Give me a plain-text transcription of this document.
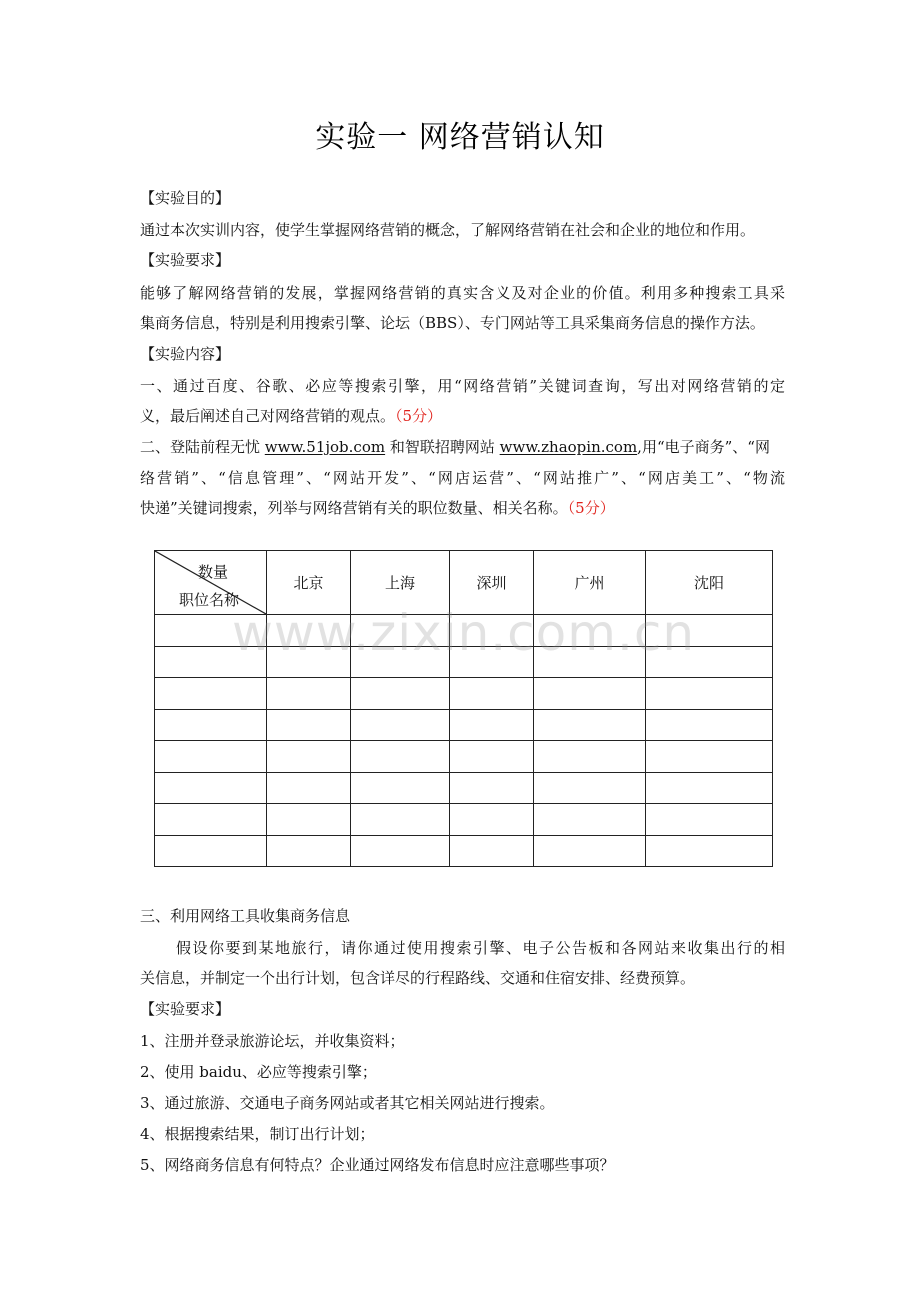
实验一 网络营销认知
【实验目的】
通过本次实训内容，使学生掌握网络营销的概念，了解网络营销在社会和企业的地位和作用。
【实验要求】
能够了解网络营销的发展，掌握网络营销的真实含义及对企业的价值。利用多种搜索工具采
集商务信息，特别是利用搜索引擎、论坛（BBS）、专门网站等工具采集商务信息的操作方法。
【实验内容】
一、通过百度、谷歌、必应等搜索引擎，用“网络营销”关键词查询，写出对网络营销的定
义，最后阐述自己对网络营销的观点。（5分）
二、登陆前程无忧 www.51job.com 和智联招聘网站 www.zhaopin.com,用“电子商务”、“网
络营销”、“信息管理”、“网站开发”、“网店运营”、“网站推广”、“网店美工”、“物流
快递”关键词搜索，列举与网络营销有关的职位数量、相关名称。（5分）
数量
职位名称	北京	上海	深圳	广州	沈阳

三、利用网络工具收集商务信息
假设你要到某地旅行，请你通过使用搜索引擎、电子公告板和各网站来收集出行的相
关信息，并制定一个出行计划，包含详尽的行程路线、交通和住宿安排、经费预算。
【实验要求】
1、注册并登录旅游论坛，并收集资料；
2、使用 baidu、必应等搜索引擎；
3、通过旅游、交通电子商务网站或者其它相关网站进行搜索。
4、根据搜索结果，制订出行计划；
5、网络商务信息有何特点？企业通过网络发布信息时应注意哪些事项？
www.zixin.com.cn
